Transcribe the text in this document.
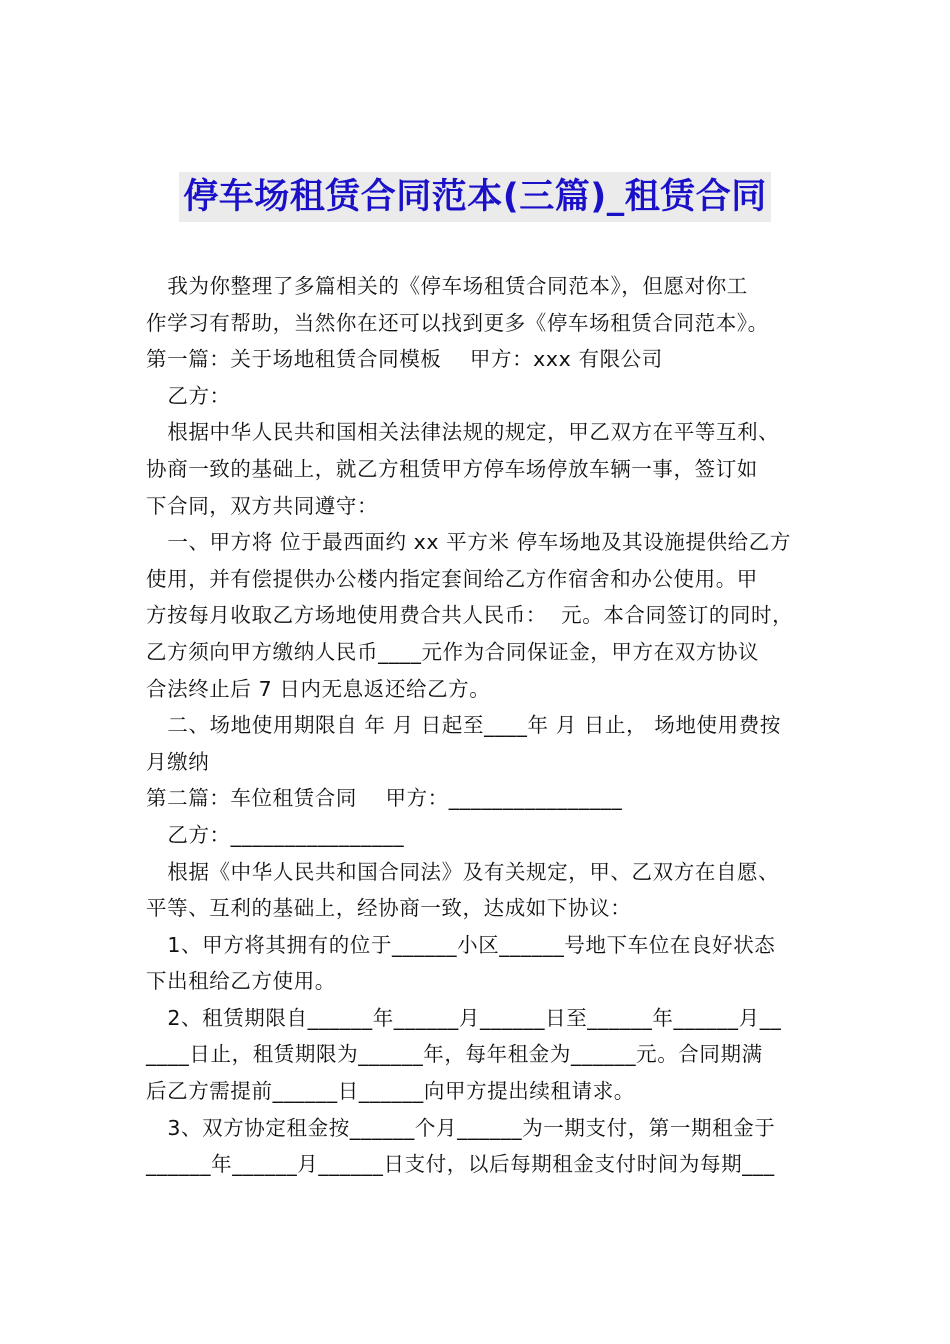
停车场租赁合同范本(三篇)_租赁合同
我为你整理了多篇相关的《停车场租赁合同范本》，但愿对你工
作学习有帮助，当然你在还可以找到更多《停车场租赁合同范本》。
第一篇：关于场地租赁合同模板    甲方：xxx 有限公司
乙方：
根据中华人民共和国相关法律法规的规定，甲乙双方在平等互利、
协商一致的基础上，就乙方租赁甲方停车场停放车辆一事，签订如
下合同，双方共同遵守：
一、甲方将 位于最西面约 xx 平方米 停车场地及其设施提供给乙方
使用，并有偿提供办公楼内指定套间给乙方作宿舍和办公使用。甲
方按每月收取乙方场地使用费合共人民币：  元。本合同签订的同时，
乙方须向甲方缴纳人民币____元作为合同保证金，甲方在双方协议
合法终止后 7 日内无息返还给乙方。
二、场地使用期限自 年 月 日起至____年 月 日止， 场地使用费按
月缴纳
第二篇：车位租赁合同    甲方：________________
乙方：________________
根据《中华人民共和国合同法》及有关规定，甲、乙双方在自愿、
平等、互利的基础上，经协商一致，达成如下协议：
1、甲方将其拥有的位于______小区______号地下车位在良好状态
下出租给乙方使用。
2、租赁期限自______年______月______日至______年______月__
____日止，租赁期限为______年，每年租金为______元。合同期满
后乙方需提前______日______向甲方提出续租请求。
3、双方协定租金按______个月______为一期支付，第一期租金于
______年______月______日支付，以后每期租金支付时间为每期___
